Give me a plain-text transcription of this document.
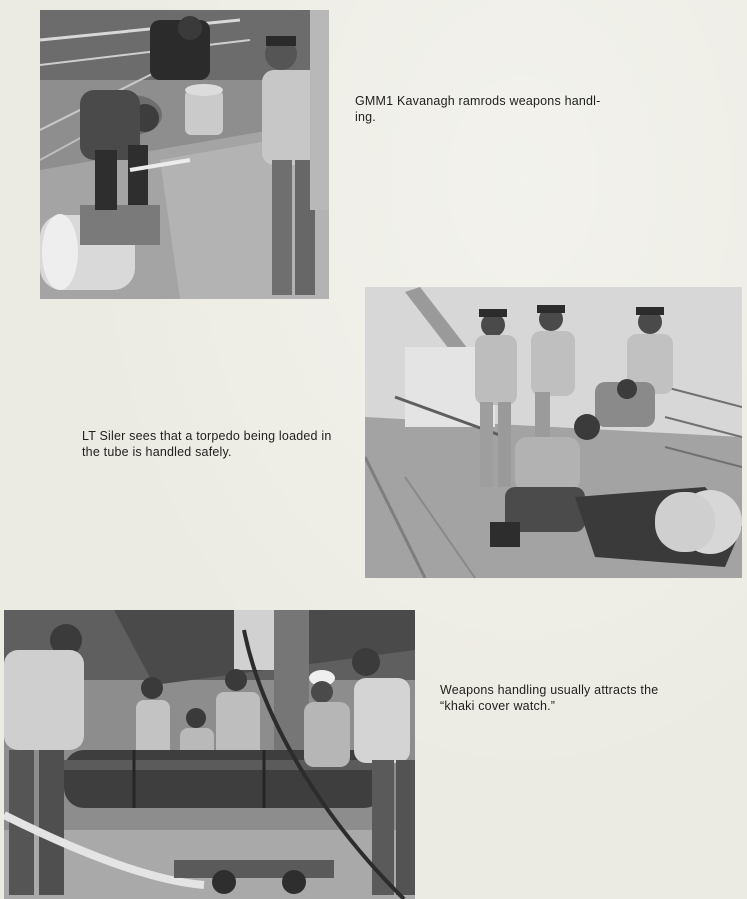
GMM1 Kavanagh ramrods weapons handl-
ing.
LT Siler sees that a torpedo being loaded in
the tube is handled safely.
Weapons handling usually attracts the
“khaki cover watch.”
